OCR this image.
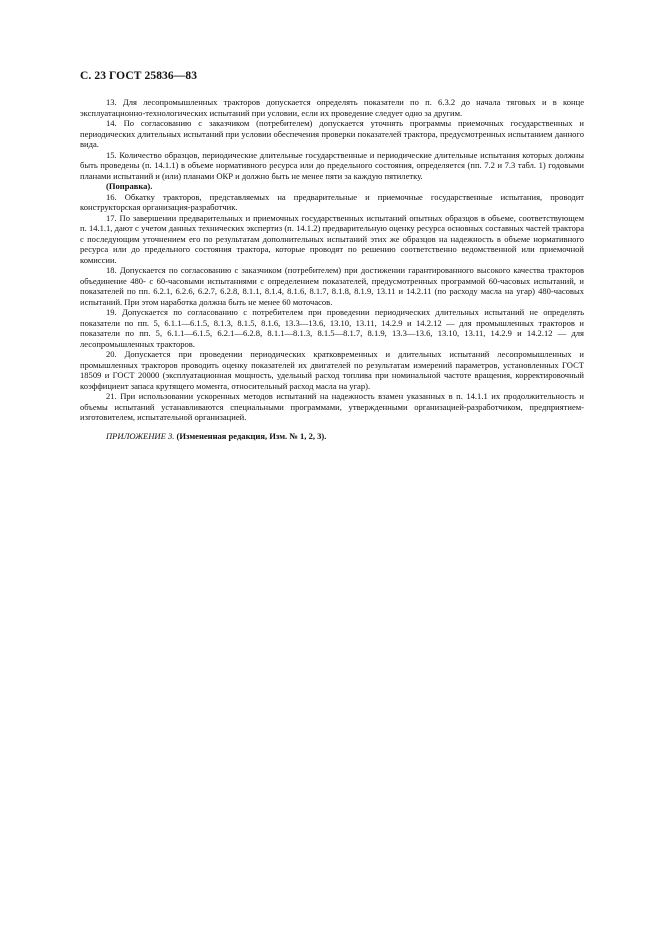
С. 23 ГОСТ 25836—83

13. Для лесопромышленных тракторов допускается определять показатели по п. 6.3.2 до начала тяговых и в конце эксплуатационно-технологических испытаний при условии, если их проведение следует одно за другим.

14. По согласованию с заказчиком (потребителем) допускается уточнять программы приемочных государственных и периодических длительных испытаний при условии обеспечения проверки показателей трактора, предусмотренных испытанием данного вида.

15. Количество образцов, периодические длительные государственные и периодические длительные испытания которых должны быть проведены (п. 14.1.1) в объеме нормативного ресурса или до предельного состояния, определяется (пп. 7.2 и 7.3 табл. 1) годовыми планами испытаний и (или) планами ОКР и должно быть не менее пяти за каждую пятилетку.

(Поправка).

16. Обкатку тракторов, представляемых на предварительные и приемочные государственные испытания, проводит конструкторская организация-разработчик.

17. По завершении предварительных и приемочных государственных испытаний опытных образцов в объеме, соответствующем п. 14.1.1, дают с учетом данных технических экспертиз (п. 14.1.2) предварительную оценку ресурса основных составных частей трактора с последующим уточнением его по результатам дополнительных испытаний этих же образцов на надежность в объеме нормативного ресурса или до предельного состояния трактора, которые проводят по решению соответственно ведомственной или приемочной комиссии.

18. Допускается по согласованию с заказчиком (потребителем) при достижении гарантированного высокого качества тракторов объединение 480- с 60-часовыми испытаниями с определением показателей, предусмотренных программой 60-часовых испытаний, и показателей по пп. 6.2.1, 6.2.6, 6.2.7, 6.2.8, 8.1.1, 8.1.4, 8.1.6, 8.1.7, 8.1.8, 8.1.9, 13.11 и 14.2.11 (по расходу масла на угар) 480-часовых испытаний. При этом наработка должна быть не менее 60 моточасов.

19. Допускается по согласованию с потребителем при проведении периодических длительных испытаний не определять показатели по пп. 5, 6.1.1—6.1.5, 8.1.3, 8.1.5, 8.1.6, 13.3—13.6, 13.10, 13.11, 14.2.9 и 14.2.12 — для промышленных тракторов и показатели по пп. 5, 6.1.1—6.1.5, 6.2.1—6.2.8, 8.1.1—8.1.3, 8.1.5—8.1.7, 8.1.9, 13.3—13.6, 13.10, 13.11, 14.2.9 и 14.2.12 — для лесопромышленных тракторов.

20. Допускается при проведении периодических кратковременных и длительных испытаний лесопромышленных и промышленных тракторов проводить оценку показателей их двигателей по результатам измерений параметров, установленных ГОСТ 18509 и ГОСТ 20000 (эксплуатационная мощность, удельный расход топлива при номинальной частоте вращения, корректировочный коэффициент запаса крутящего момента, относительный расход масла на угар).

21. При использовании ускоренных методов испытаний на надежность взамен указанных в п. 14.1.1 их продолжительность и объемы испытаний устанавливаются специальными программами, утвержденными организацией-разработчиком, предприятием-изготовителем, испытательной организацией.

ПРИЛОЖЕНИЕ 3. (Измененная редакция, Изм. № 1, 2, 3).
